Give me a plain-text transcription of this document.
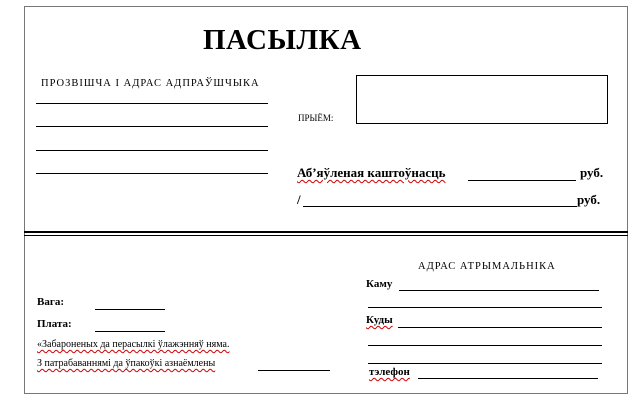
ПАСЫЛКА
ПРОЗВІШЧА І АДРАС АДПРАЎШЧЫКА
ПРЫЁМ:
Аб’яўленая каштоўнасць	руб.
/	руб.
АДРАС АТРЫМАЛЬНІКА
Каму
Куды
тэлефон
Вага:
Плата:
«Забароненых да перасылкі ўлажэнняў няма.
З патрабаваннямі да ўпакоўкі азнаёмлены
